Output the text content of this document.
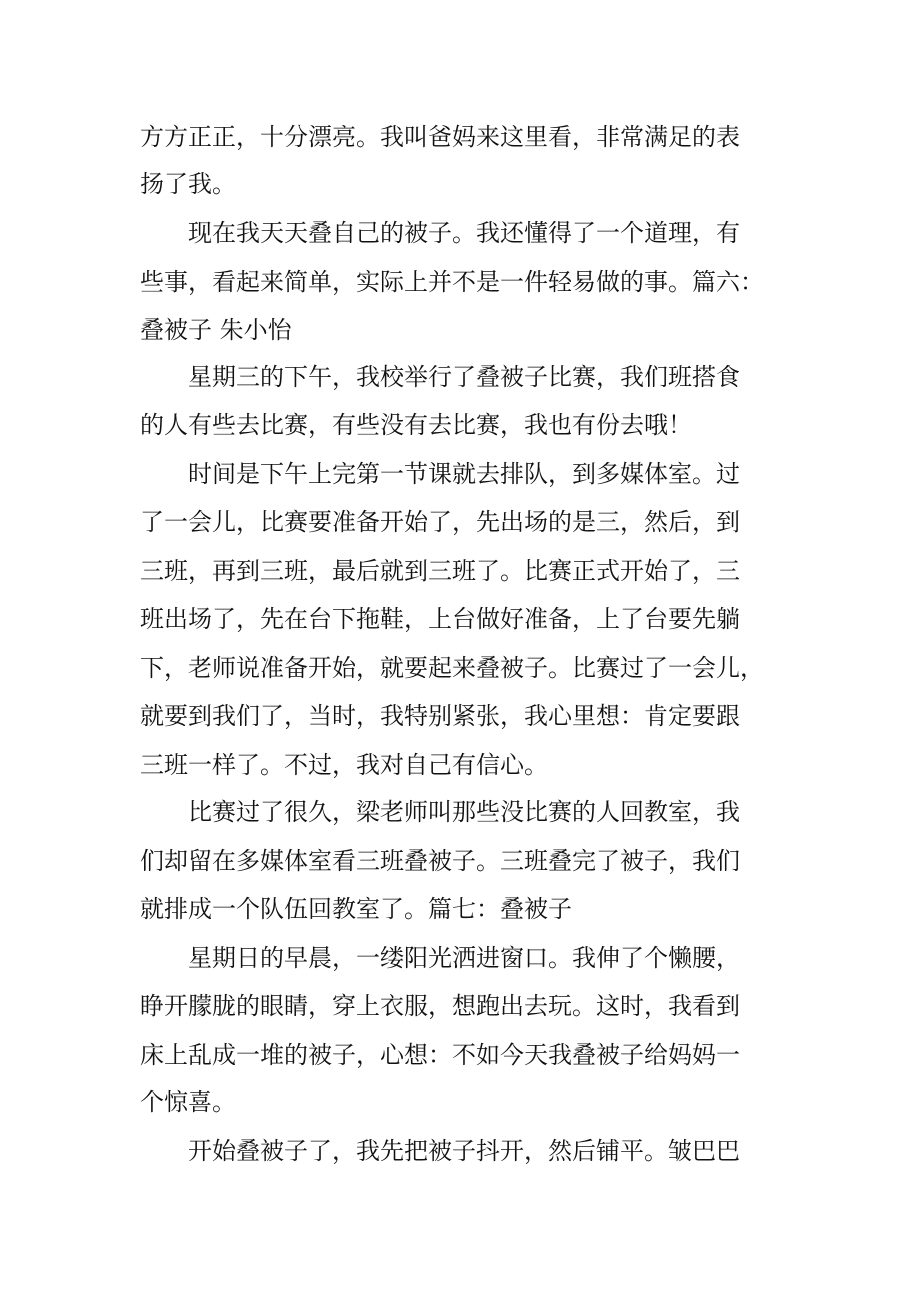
方方正正，十分漂亮。我叫爸妈来这里看，非常满足的表
扬了我。
现在我天天叠自己的被子。我还懂得了一个道理，有
些事，看起来简单，实际上并不是一件轻易做的事。篇六：
叠被子 朱小怡
星期三的下午，我校举行了叠被子比赛，我们班搭食
的人有些去比赛，有些没有去比赛，我也有份去哦！
时间是下午上完第一节课就去排队，到多媒体室。过
了一会儿，比赛要准备开始了，先出场的是三，然后，到
三班，再到三班，最后就到三班了。比赛正式开始了，三
班出场了，先在台下拖鞋，上台做好准备，上了台要先躺
下，老师说准备开始，就要起来叠被子。比赛过了一会儿，
就要到我们了，当时，我特别紧张，我心里想：肯定要跟
三班一样了。不过，我对自己有信心。
比赛过了很久，梁老师叫那些没比赛的人回教室，我
们却留在多媒体室看三班叠被子。三班叠完了被子，我们
就排成一个队伍回教室了。篇七：叠被子
星期日的早晨，一缕阳光洒进窗口。我伸了个懒腰，
睁开朦胧的眼睛，穿上衣服，想跑出去玩。这时，我看到
床上乱成一堆的被子，心想：不如今天我叠被子给妈妈一
个惊喜。
开始叠被子了，我先把被子抖开，然后铺平。皱巴巴
